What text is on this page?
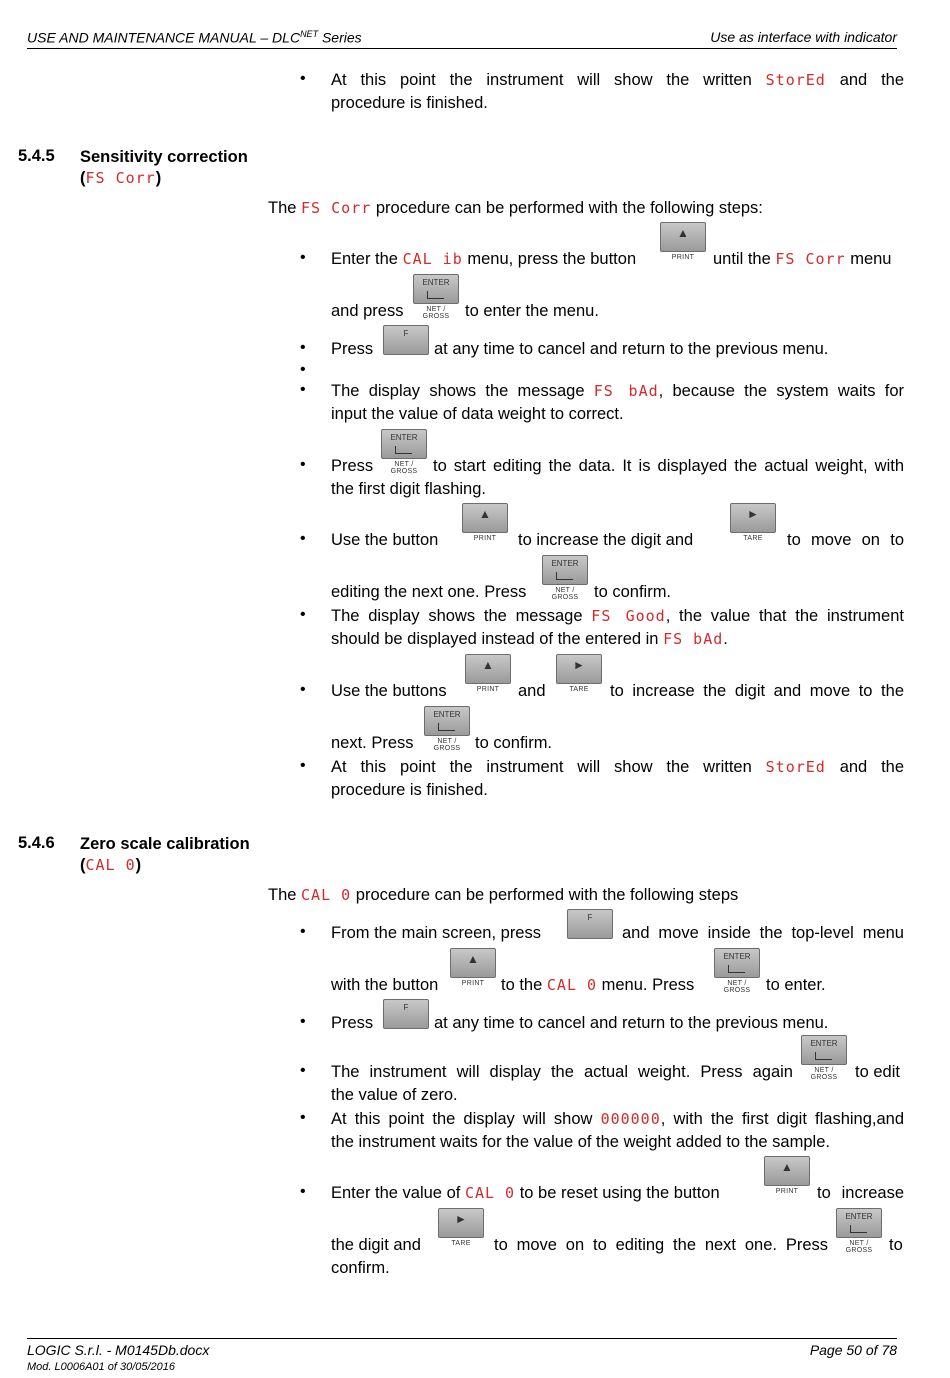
USE AND MAINTENANCE MANUAL – $DLC^{NET}$ Series	Use as interface with indicator
• At this point the instrument will show the written StorEd and the
procedure is finished.
5.4.5 Sensitivity correction
(FS Corr)
The FS Corr procedure can be performed with the following steps:
• Enter the CAL ib menu, press the button
▲
PRINT	until the FS Corr menu
and press
ENTER
NET / GROSS to enter the menu.
• Press
F
at any time to cancel and return to the previous menu.
•
• The display shows the message FS bAd, because the system waits for
input the value of data weight to correct.
• Press
ENTER
NET / GROSS to start editing the data. It is displayed the actual weight, with
the first digit flashing.
• Use the button
▲
PRINT	to increase the digit and
►
TARE	to move on to
editing the next one. Press
ENTER
NET / GROSS to confirm.
• The display shows the message FS Good, the value that the instrument
should be displayed instead of the entered in FS bAd.
• Use the buttons
▲
PRINT	and
►
TARE	to increase the digit and move to the
next. Press
ENTER
NET / GROSS to confirm.
• At this point the instrument will show the written StorEd and the
procedure is finished.
5.4.6 Zero scale calibration
(CAL 0)
The CAL 0 procedure can be performed with the following steps
• From the main screen, press
F
and move inside the top-level menu
with the button
▲
PRINT	to the CAL 0 menu. Press
ENTER
NET / GROSS to enter.
• Press
F
at any time to cancel and return to the previous menu.
• The instrument will display the actual weight. Press again
ENTER
NET / GROSS	to edit
the value of zero.
• At this point the display will show 000000, with the first digit flashing,and
the instrument waits for the value of the weight added to the sample.
• Enter the value of CAL 0 to be reset using the button
▲
PRINT	to increase
the digit and
►
TARE	to move on to editing the next one. Press
ENTER
NET / GROSS	to
confirm.
LOGIC S.r.l. - M0145Db.docx	Page 50 of 78
Mod. L0006A01 of 30/05/2016
